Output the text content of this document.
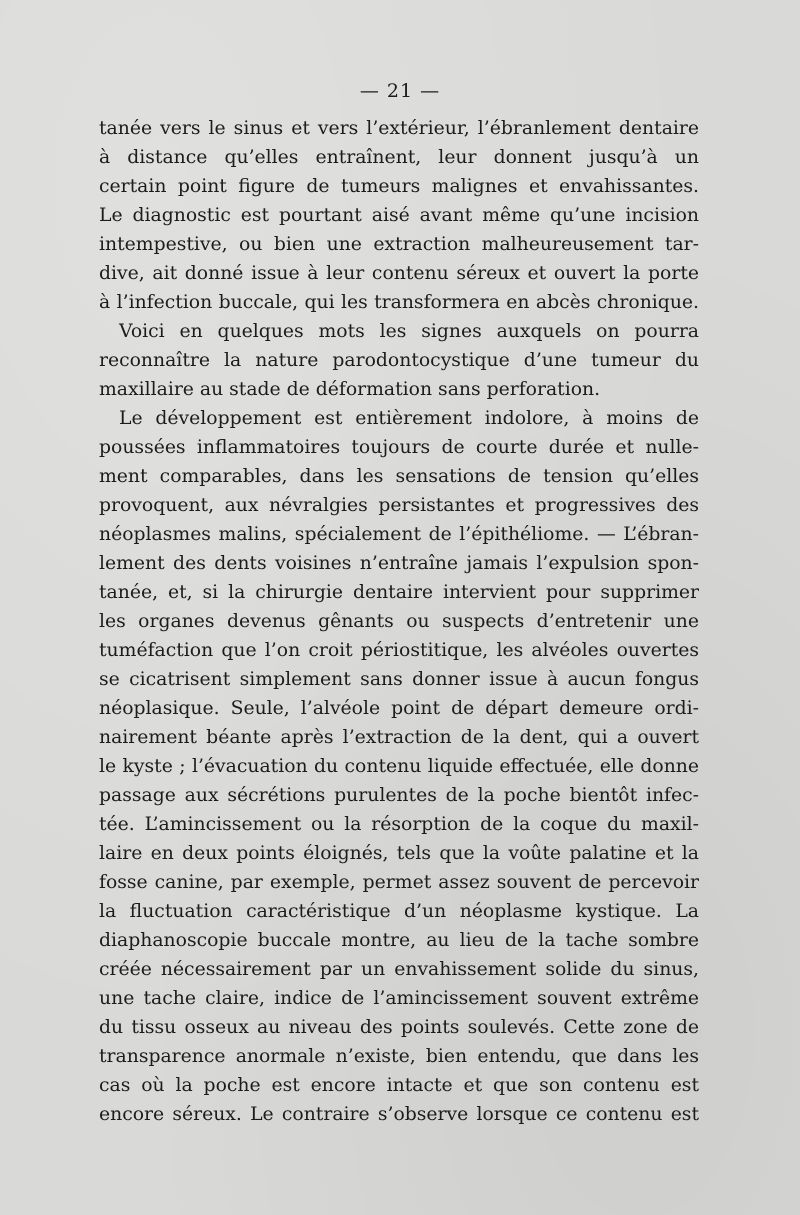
— 21 —
tanée vers le sinus et vers l’extérieur, l’ébranlement dentaire
à distance qu’elles entraînent, leur donnent jusqu’à un
certain point figure de tumeurs malignes et envahissantes.
Le diagnostic est pourtant aisé avant même qu’une incision
intempestive, ou bien une extraction malheureusement tar-
dive, ait donné issue à leur contenu séreux et ouvert la porte
à l’infection buccale, qui les transformera en abcès chronique.
Voici en quelques mots les signes auxquels on pourra
reconnaître la nature parodontocystique d’une tumeur du
maxillaire au stade de déformation sans perforation.
Le développement est entièrement indolore, à moins de
poussées inflammatoires toujours de courte durée et nulle-
ment comparables, dans les sensations de tension qu’elles
provoquent, aux névralgies persistantes et progressives des
néoplasmes malins, spécialement de l’épithéliome. — L’ébran-
lement des dents voisines n’entraîne jamais l’expulsion spon-
tanée, et, si la chirurgie dentaire intervient pour supprimer
les organes devenus gênants ou suspects d’entretenir une
tuméfaction que l’on croit périostitique, les alvéoles ouvertes
se cicatrisent simplement sans donner issue à aucun fongus
néoplasique. Seule, l’alvéole point de départ demeure ordi-
nairement béante après l’extraction de la dent, qui a ouvert
le kyste ; l’évacuation du contenu liquide effectuée, elle donne
passage aux sécrétions purulentes de la poche bientôt infec-
tée. L’amincissement ou la résorption de la coque du maxil-
laire en deux points éloignés, tels que la voûte palatine et la
fosse canine, par exemple, permet assez souvent de percevoir
la fluctuation caractéristique d’un néoplasme kystique. La
diaphanoscopie buccale montre, au lieu de la tache sombre
créée nécessairement par un envahissement solide du sinus,
une tache claire, indice de l’amincissement souvent extrême
du tissu osseux au niveau des points soulevés. Cette zone de
transparence anormale n’existe, bien entendu, que dans les
cas où la poche est encore intacte et que son contenu est
encore séreux. Le contraire s’observe lorsque ce contenu est
